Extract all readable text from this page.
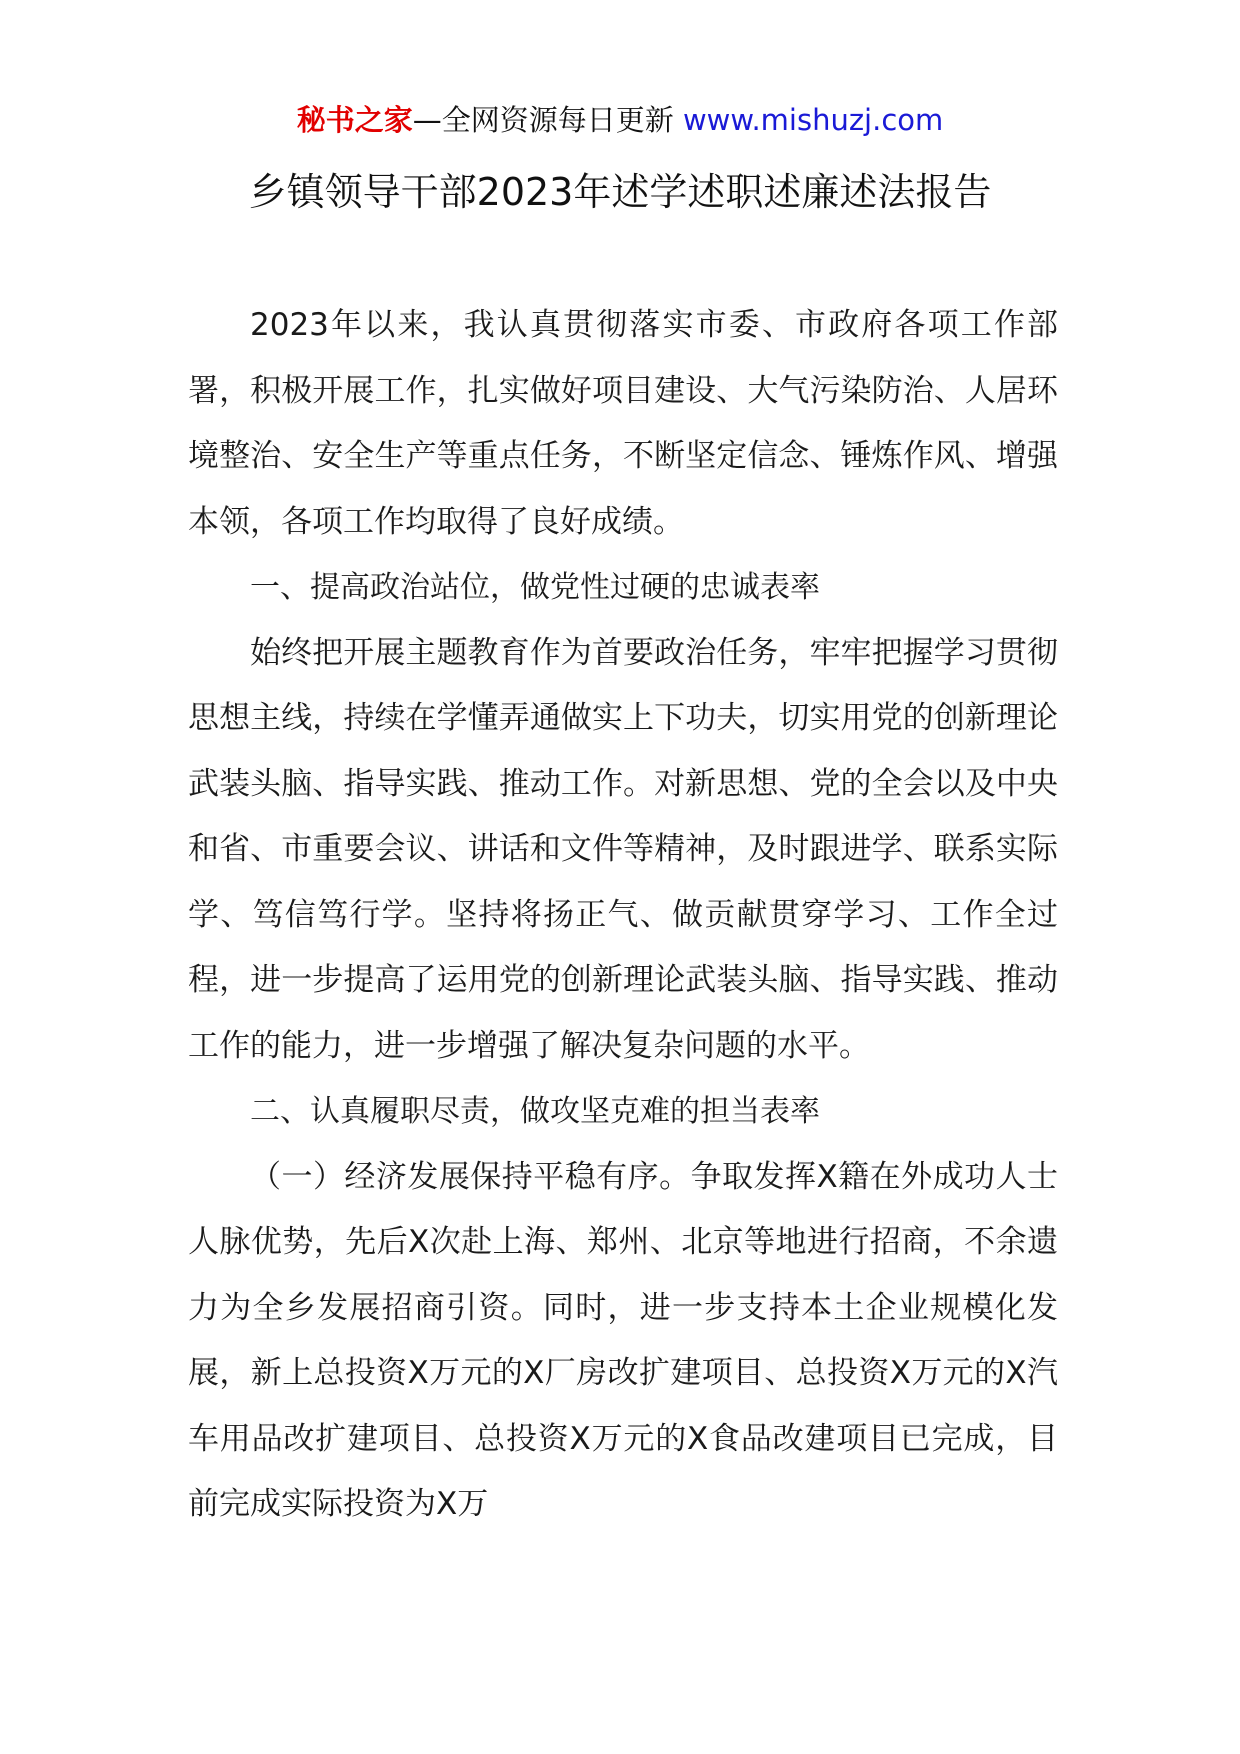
秘书之家—全网资源每日更新 www.mishuzj.com
乡镇领导干部2023年述学述职述廉述法报告

2023年以来，我认真贯彻落实市委、市政府各项工作部署，积极开展工作，扎实做好项目建设、大气污染防治、人居环境整治、安全生产等重点任务，不断坚定信念、锤炼作风、增强本领，各项工作均取得了良好成绩。

一、提高政治站位，做党性过硬的忠诚表率

始终把开展主题教育作为首要政治任务，牢牢把握学习贯彻思想主线，持续在学懂弄通做实上下功夫，切实用党的创新理论武装头脑、指导实践、推动工作。对新思想、党的全会以及中央和省、市重要会议、讲话和文件等精神，及时跟进学、联系实际学、笃信笃行学。坚持将扬正气、做贡献贯穿学习、工作全过程，进一步提高了运用党的创新理论武装头脑、指导实践、推动工作的能力，进一步增强了解决复杂问题的水平。

二、认真履职尽责，做攻坚克难的担当表率

（一）经济发展保持平稳有序。争取发挥X籍在外成功人士人脉优势，先后X次赴上海、郑州、北京等地进行招商，不余遗力为全乡发展招商引资。同时，进一步支持本土企业规模化发展，新上总投资X万元的X厂房改扩建项目、总投资X万元的X汽车用品改扩建项目、总投资X万元的X食品改建项目已完成，目前完成实际投资为X万
